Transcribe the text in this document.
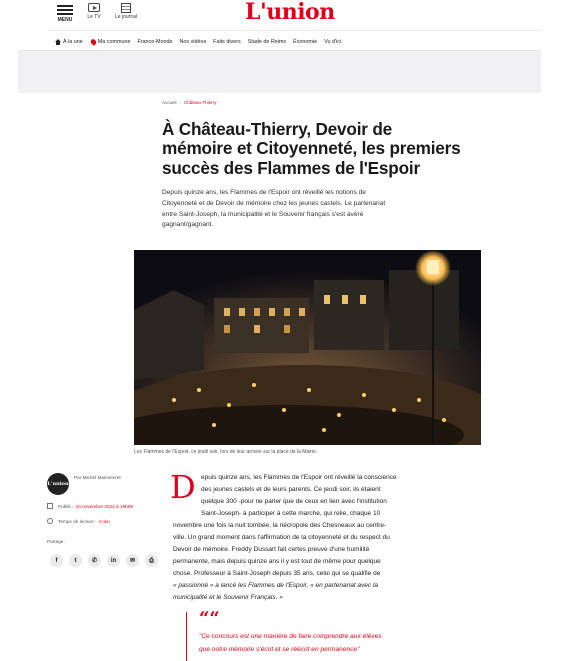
MENU	Le TV	Le journal	L'union
À la une	Ma commune France-Monde Nos vidéos Faits divers Stade de Reims Économie Vu d'ici
Accueil › Château-Thierry
À Château-Thierry, Devoir de mémoire et Citoyenneté, les premiers succès des Flammes de l'Espoir

Depuis quinze ans, les Flammes de l'Espoir ont réveillé les notions de Citoyenneté et de Devoir de mémoire chez les jeunes castels. Le partenariat entre Saint-Joseph, la municipalité et le Souvenir français s'est avéré gagnant/gagnant.

Les Flammes de l'Espoir, ce jeudi soir, lors de leur arrivée sur la place de la Mairie.
L'union
Par Michel Mainnevret
Publié : 10 novembre 2022 à 19h09
Temps de lecture : 4 min
Partage :
f	t	✆ in ✉ ⎙
D epuis quinze ans, les Flammes de l'Espoir ont réveillé la conscience
des jeunes castels et de leurs parents. Ce jeudi soir, ils étaient
quelque 300 -pour ne parler que de ceux en lien avec l'institution
Saint-Joseph- à participer à cette marche, qui relie, chaque 10
novembre une fois la nuit tombée, la nécropole des Chesneaux au centre-
ville. Un grand moment dans l'affirmation de la citoyenneté et du respect du
Devoir de mémoire. Freddy Dussart fait certes preuve d'une humilité
permanente, mais depuis quinze ans il y est tout de même pour quelque
chose. Professeur à Saint-Joseph depuis 35 ans, celui qui se qualifie de
« passionné » a lancé les Flammes de l'Espoir, « en partenariat avec la
municipalité et le Souvenir Français. »
““
"Ce concours est une manière de faire comprendre aux élèves
que notre mémoire s'écrit et se réécrit en permanence"
